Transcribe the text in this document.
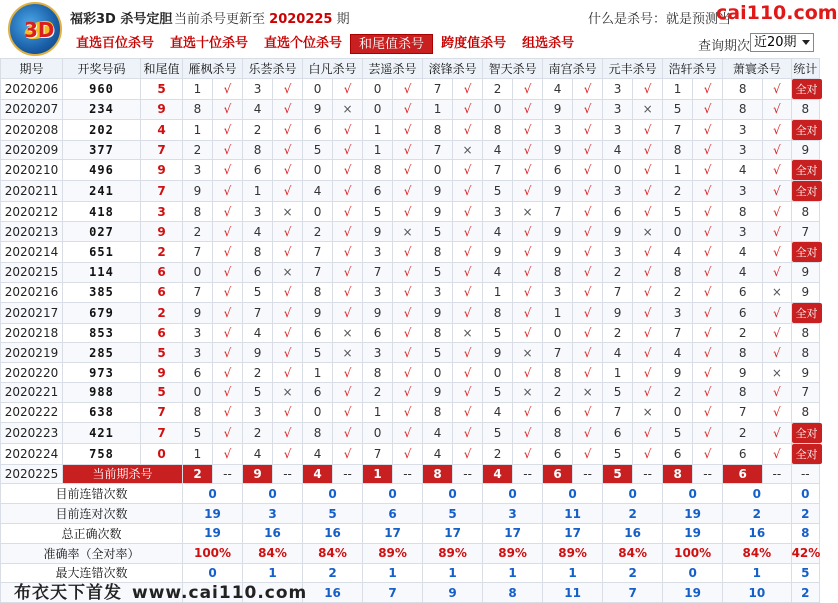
3D 福彩3D 杀号定胆 当前杀号更新至 2020225 期	什么是杀号：就是预测当
cai110.com
直选百位杀号	直选十位杀号	直选个位杀号	和尾值杀号	跨度值杀号	组选杀号	查询期次 近20期
期号	开奖号码	和尾值	雁枫杀号		乐荟杀号		白凡杀号		芸遥杀号		滚锋杀号		智天杀号		南宫杀号		元丰杀号		浩轩杀号		萧寰杀号		统计
2020206	960	5	1	√	3	√	0	√	0	√	7	√	2	√	4	√	3	√	1	√	8	√	全对
2020207	234	9	8	√	4	√	9	×	0	√	1	√	0	√	9	√	3	×	5	√	8	√	8
2020208	202	4	1	√	2	√	6	√	1	√	8	√	8	√	3	√	3	√	7	√	3	√	全对
2020209	377	7	2	√	8	√	5	√	1	√	7	×	4	√	9	√	4	√	8	√	3	√	9
2020210	496	9	3	√	6	√	0	√	8	√	0	√	7	√	6	√	0	√	1	√	4	√	全对
2020211	241	7	9	√	1	√	4	√	6	√	9	√	5	√	9	√	3	√	2	√	3	√	全对
2020212	418	3	8	√	3	×	0	√	5	√	9	√	3	×	7	√	6	√	5	√	8	√	8
2020213	027	9	2	√	4	√	2	√	9	×	5	√	4	√	9	√	9	×	0	√	3	√	7
2020214	651	2	7	√	8	√	7	√	3	√	8	√	9	√	9	√	3	√	4	√	4	√	全对
2020215	114	6	0	√	6	×	7	√	7	√	5	√	4	√	8	√	2	√	8	√	4	√	9
2020216	385	6	7	√	5	√	8	√	3	√	3	√	1	√	3	√	7	√	2	√	6	×	9
2020217	679	2	9	√	7	√	9	√	9	√	9	√	8	√	1	√	9	√	3	√	6	√	全对
2020218	853	6	3	√	4	√	6	×	6	√	8	×	5	√	0	√	2	√	7	√	2	√	8
2020219	285	5	3	√	9	√	5	×	3	√	5	√	9	×	7	√	4	√	4	√	8	√	8
2020220	973	9	6	√	2	√	1	√	8	√	0	√	0	√	8	√	1	√	9	√	9	×	9
2020221	988	5	0	√	5	×	6	√	2	√	9	√	5	×	2	×	5	√	2	√	8	√	7
2020222	638	7	8	√	3	√	0	√	1	√	8	√	4	√	6	√	7	×	0	√	7	√	8
2020223	421	7	5	√	2	√	8	√	0	√	4	√	5	√	8	√	6	√	5	√	2	√	全对
2020224	758	0	1	√	4	√	4	√	7	√	4	√	2	√	6	√	5	√	6	√	6	√	全对
2020225	当前期杀号		2	--	9	--	4	--	1	--	8	--	4	--	6	--	5	--	8	--	6	--	--
目前连错次数			0		0		0		0		0		0		0		0		0		0		0
目前连对次数			19		3		5		6		5		3		11		2		19		2		2
总正确次数			19		16		16		17		17		17		17		16		19		16		8
准确率（全对率）			100%		84%		84%		89%		89%		89%		89%		84%		100%		84%		42%
最大连错次数			0		1		2		1		1		1		1		2		0		1		5
							16		7		9		8		11		7		19		10		2
布衣天下首发 www.cai110.com
